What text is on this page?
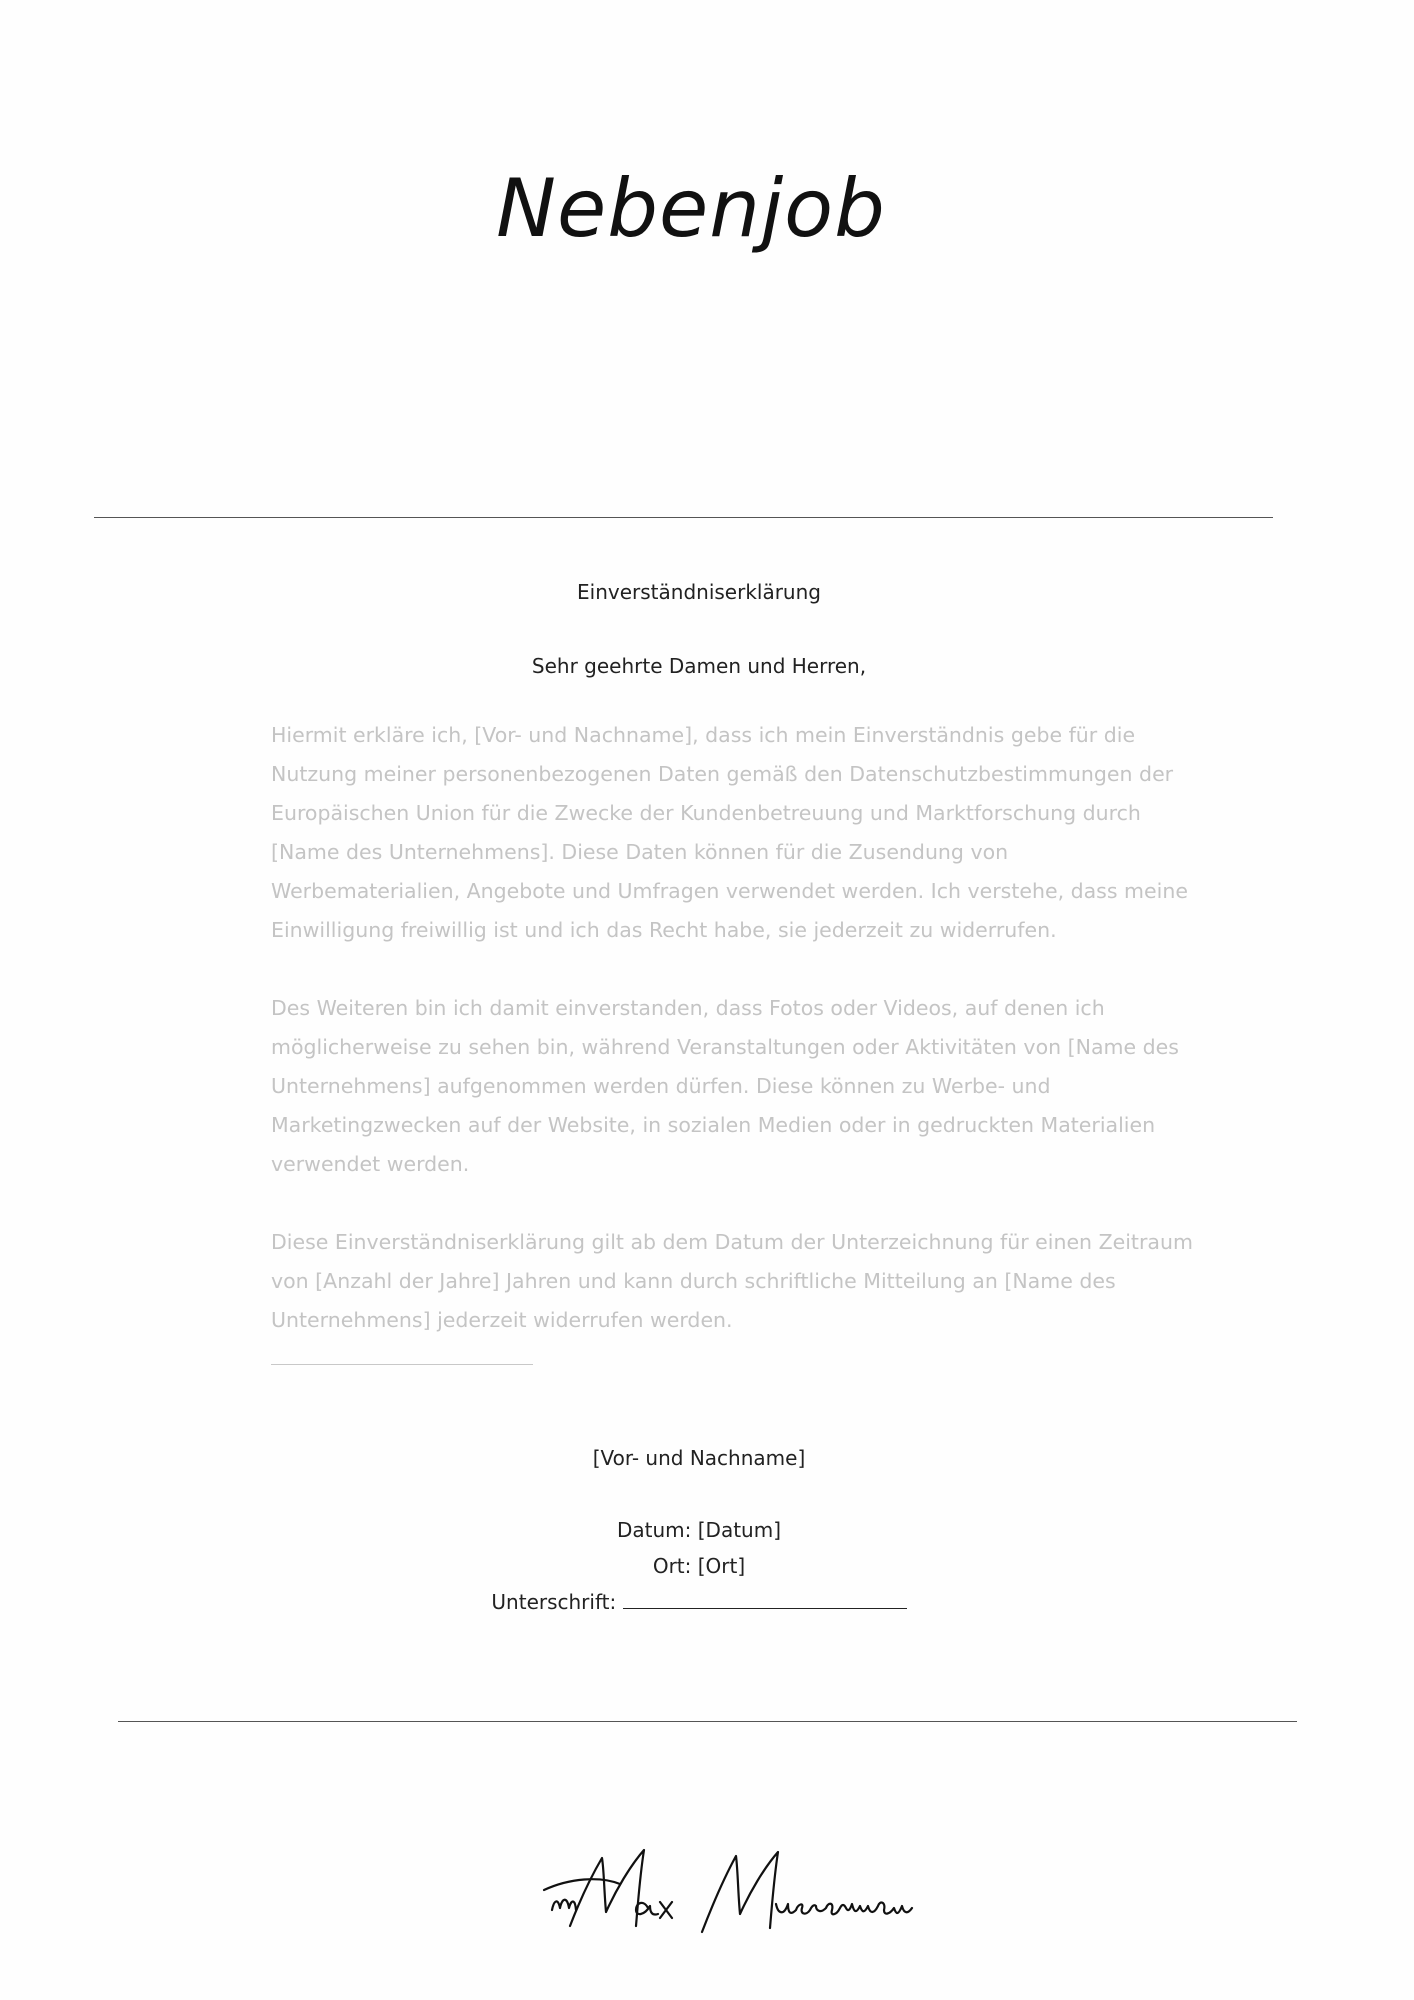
Nebenjob
Einverständniserklärung
Sehr geehrte Damen und Herren,

Hiermit erkläre ich, [Vor- und Nachname], dass ich mein Einverständnis gebe für die Nutzung meiner personenbezogenen Daten gemäß den Datenschutzbestimmungen der Europäischen Union für die Zwecke der Kundenbetreuung und Marktforschung durch [Name des Unternehmens]. Diese Daten können für die Zusendung von Werbematerialien, Angebote und Umfragen verwendet werden. Ich verstehe, dass meine Einwilligung freiwillig ist und ich das Recht habe, sie jederzeit zu widerrufen.

Des Weiteren bin ich damit einverstanden, dass Fotos oder Videos, auf denen ich möglicherweise zu sehen bin, während Veranstaltungen oder Aktivitäten von [Name des Unternehmens] aufgenommen werden dürfen. Diese können zu Werbe- und Marketingzwecken auf der Website, in sozialen Medien oder in gedruckten Materialien verwendet werden.

Diese Einverständniserklärung gilt ab dem Datum der Unterzeichnung für einen Zeitraum von [Anzahl der Jahre] Jahren und kann durch schriftliche Mitteilung an [Name des Unternehmens] jederzeit widerrufen werden.

[Vor- und Nachname]
Datum: [Datum]
Ort: [Ort]
Unterschrift:
